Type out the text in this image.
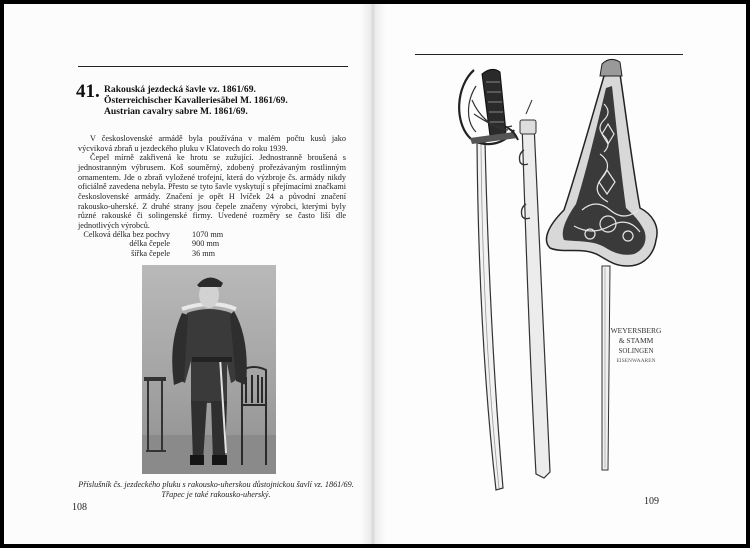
41. Rakouská jezdecká šavle vz. 1861/69.
Österreichischer Kavalleriesäbel M. 1861/69.
Austrian cavalry sabre M. 1861/69.

V československé armádě byla používána v malém počtu kusů jako výcviková zbraň u jezdeckého pluku v Klatovech do roku 1939.

Čepel mírně zakřivená ke hrotu se zužující. Jednostranně broušená s jednostranným výbrusem. Koš souměrný, zdobený prořezávaným rostlinným ornamentem. Jde o zbraň vyložené trofejní, která do výzbroje čs. armády nikdy oficiálně zavedena nebyla. Přesto se tyto šavle vyskytují s přejímacími značkami československé armády. Značení je opět H lvíček 24 a původní značení rakousko-uherské. Z druhé strany jsou čepele značeny výrobci, kterými byly různé rakouské či solingenské firmy. Uvedené rozměry se často liší dle jednotlivých výrobců.

Celková délka bez pochvy	1070 mm
délka čepele	900 mm
šířka čepele	36 mm
Příslušník čs. jezdeckého pluku s rakousko-uherskou důstojnickou šavlí vz. 1861/69. Třapec je také rakousko-uherský.
108
WEYERSBERG
& STAMM
SOLINGEN
EISENWAAREN
109
